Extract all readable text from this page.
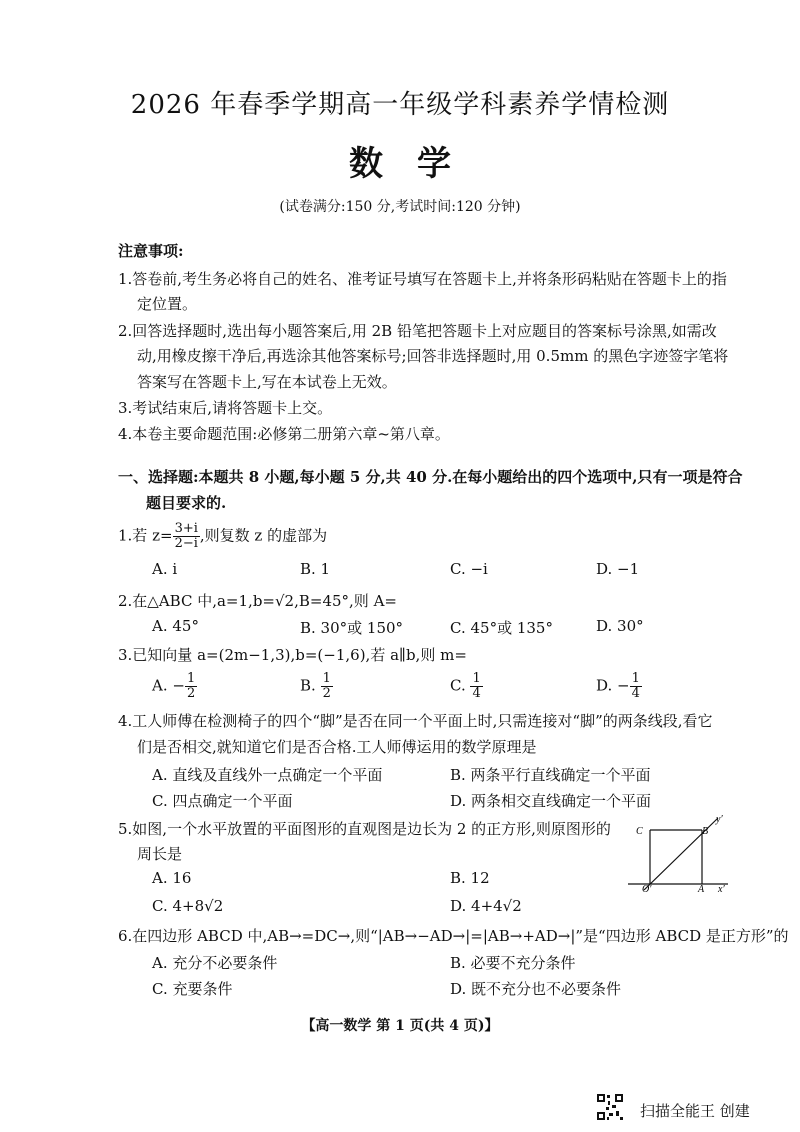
2026 年春季学期高一年级学科素养学情检测
数学
(试卷满分:150 分,考试时间:120 分钟)
注意事项:
1.答卷前,考生务必将自己的姓名、准考证号填写在答题卡上,并将条形码粘贴在答题卡上的指
定位置。
2.回答选择题时,选出每小题答案后,用 2B 铅笔把答题卡上对应题目的答案标号涂黑,如需改
动,用橡皮擦干净后,再选涂其他答案标号;回答非选择题时,用 0.5mm 的黑色字迹签字笔将
答案写在答题卡上,写在本试卷上无效。
3.考试结束后,请将答题卡上交。
4.本卷主要命题范围:必修第二册第六章~第八章。
一、选择题:本题共 8 小题,每小题 5 分,共 40 分.在每小题给出的四个选项中,只有一项是符合
题目要求的.
1.若 $z= \frac{3+i}{2-i}$ ,则复数 z 的虚部为
A. i	B. 1	C. −i	D. −1
2.在△ABC 中,a=1,b=√2,B=45°,则 A=
A. 45°	B. 30°或 150°	C. 45°或 135°	D. 30°
3.已知向量 a=(2m−1,3),b=(−1,6),若 a∥b,则 m=
A. − $\frac{1}{2}$	B. $\frac{1}{2}$	C. $\frac{1}{4}$	D. − $\frac{1}{4}$
4.工人师傅在检测椅子的四个“脚”是否在同一个平面上时,只需连接对“脚”的两条线段,看它
们是否相交,就知道它们是否合格.工人师傅运用的数学原理是
A. 直线及直线外一点确定一个平面	B. 两条平行直线确定一个平面
C. 四点确定一个平面	D. 两条相交直线确定一个平面
5.如图,一个水平放置的平面图形的直观图是边长为 2 的正方形,则原图形的
周长是
A. 16	B. 12
C. 4+8√2	D. 4+4√2
C	B
O′	A x′
y′
6.在四边形 ABCD 中,AB→=DC→,则“|AB→−AD→|=|AB→+AD→|”是“四边形 ABCD 是正方形”的
A. 充分不必要条件	B. 必要不充分条件
C. 充要条件	D. 既不充分也不必要条件
【高一数学 第 1 页(共 4 页)】
扫描全能王 创建
